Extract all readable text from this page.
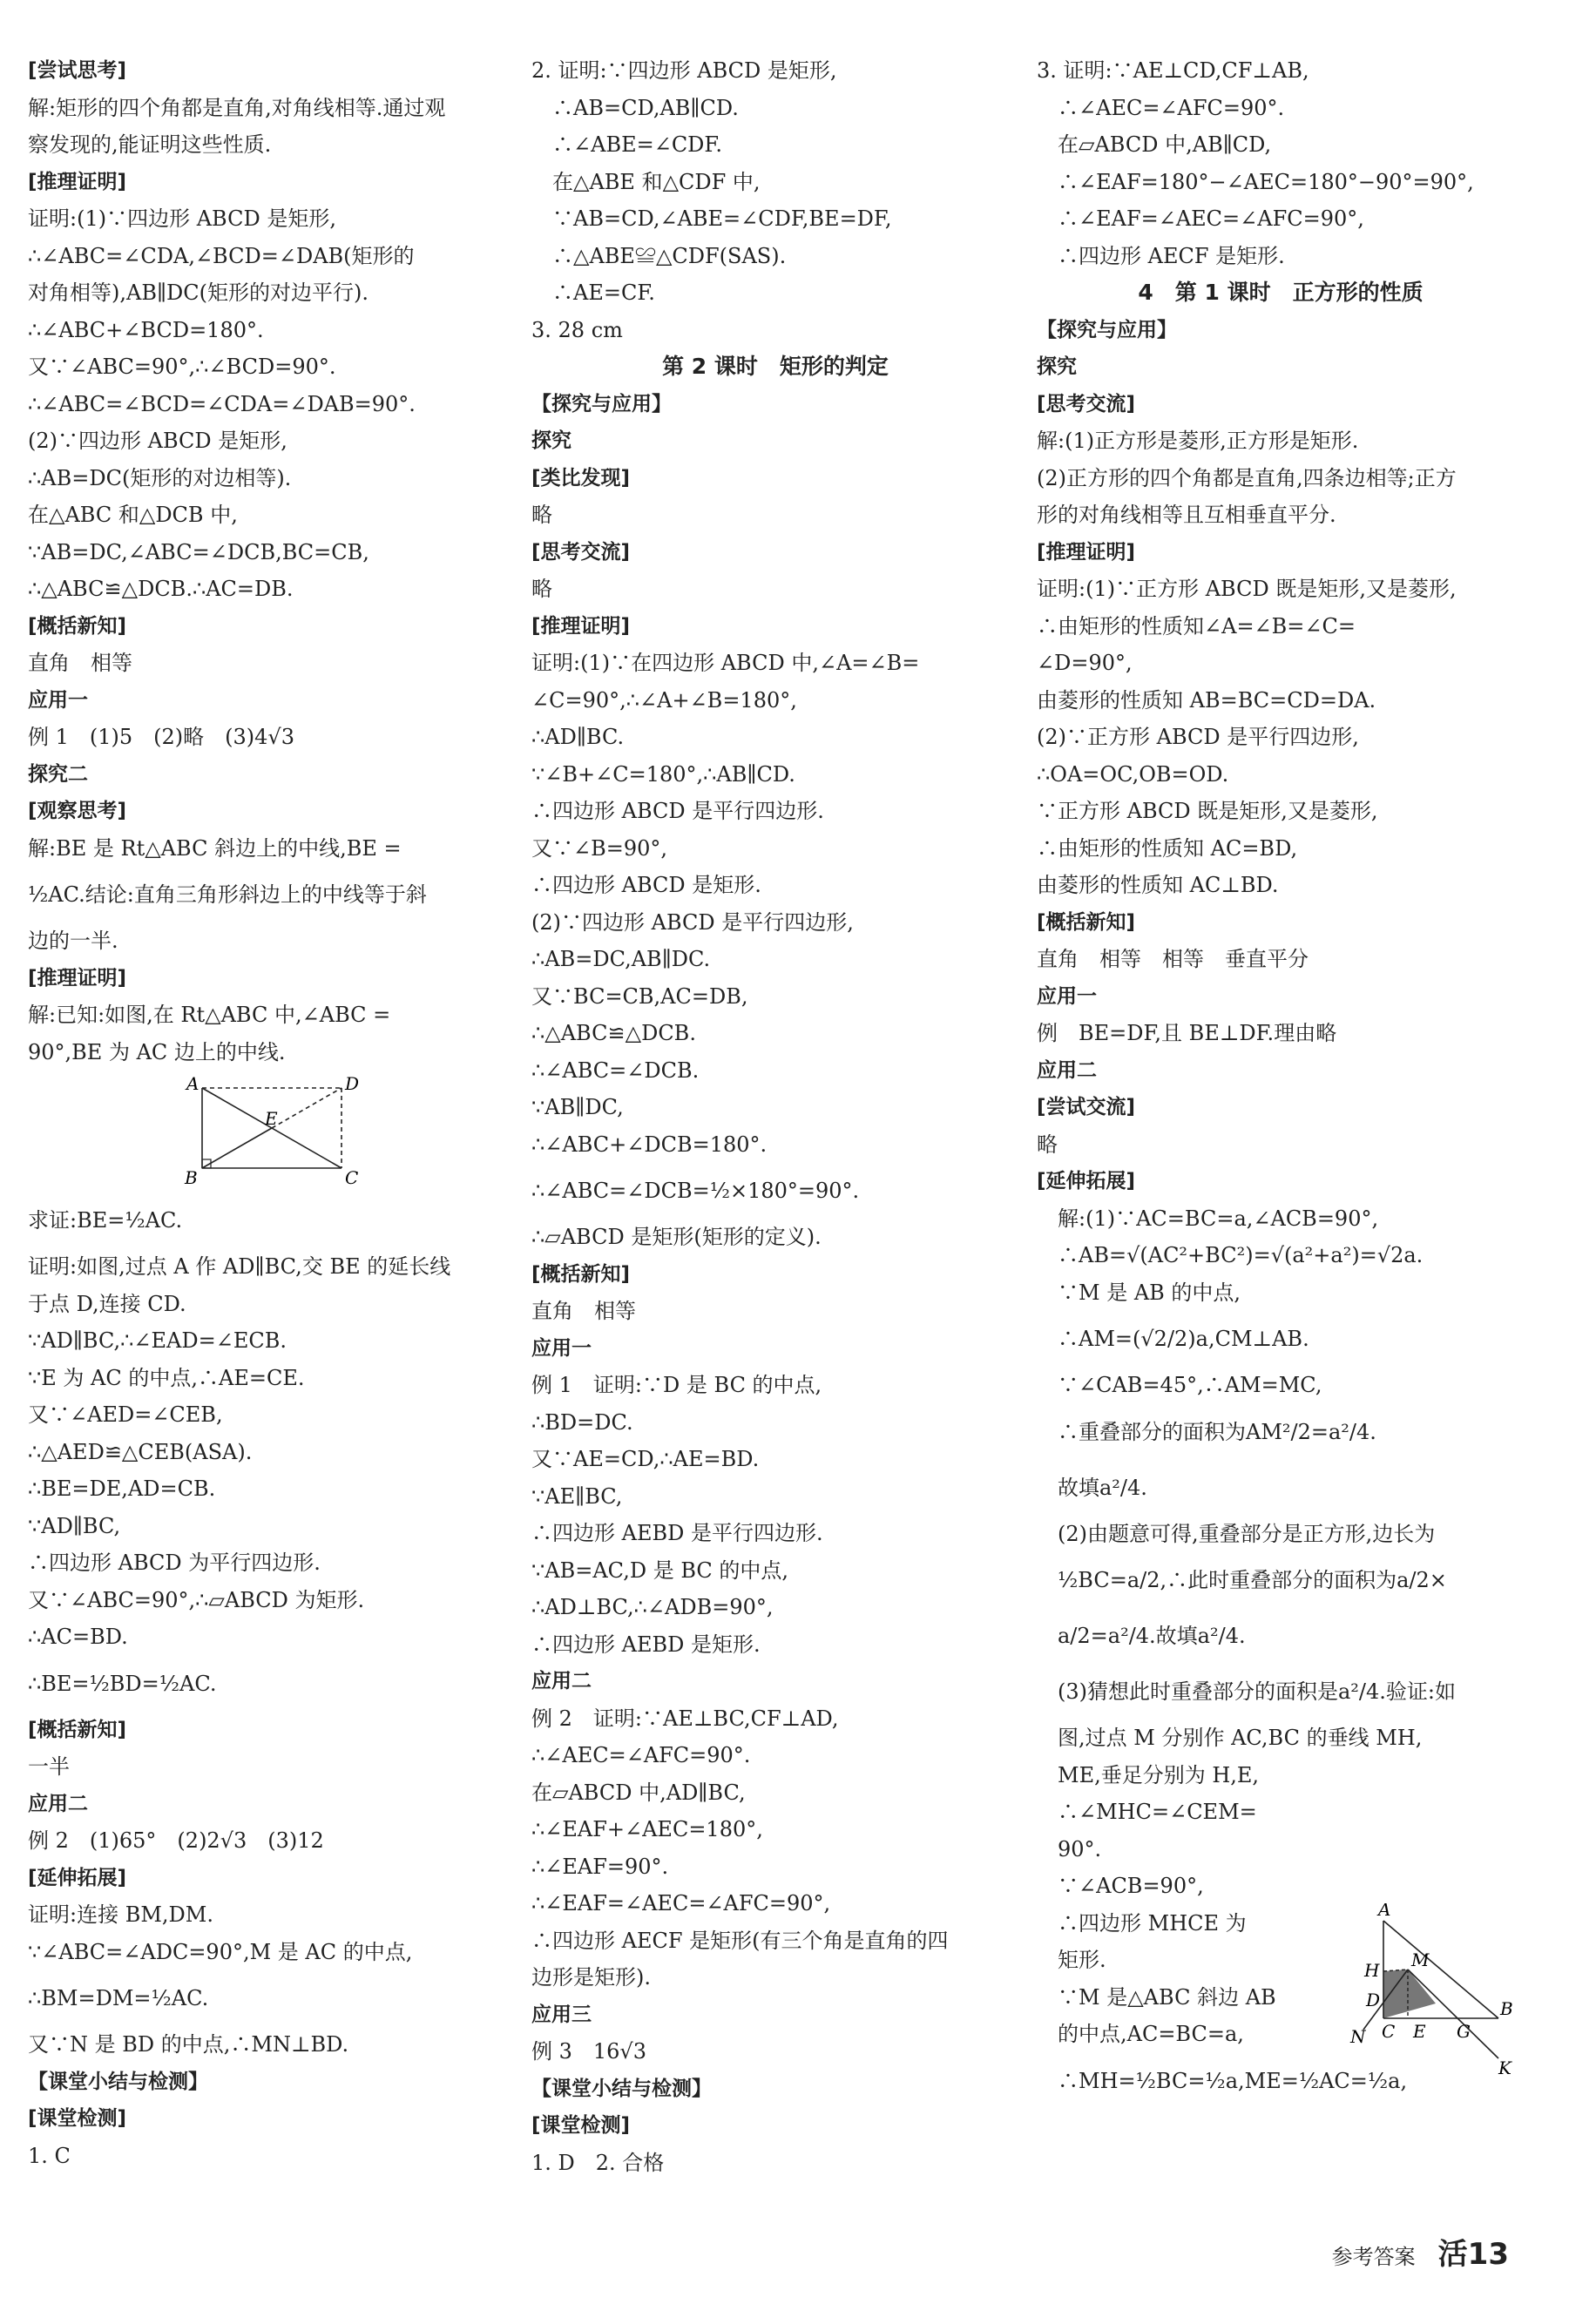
[尝试思考]
解:矩形的四个角都是直角,对角线相等.通过观
察发现的,能证明这些性质.
[推理证明]
证明:(1)∵四边形 ABCD 是矩形,
∴∠ABC=∠CDA,∠BCD=∠DAB(矩形的
对角相等),AB∥DC(矩形的对边平行).
∴∠ABC+∠BCD=180°.
又∵∠ABC=90°,∴∠BCD=90°.
∴∠ABC=∠BCD=∠CDA=∠DAB=90°.
(2)∵四边形 ABCD 是矩形,
∴AB=DC(矩形的对边相等).
在△ABC 和△DCB 中,
∵AB=DC,∠ABC=∠DCB,BC=CB,
∴△ABC≌△DCB.∴AC=DB.
[概括新知]
直角　相等
应用一
例 1　(1)5　(2)略　(3)4√3
探究二
[观察思考]
解:BE 是 Rt△ABC 斜边上的中线,BE =
½AC.结论:直角三角形斜边上的中线等于斜
边的一半.
[推理证明]
解:已知:如图,在 Rt△ABC 中,∠ABC =
90°,BE 为 AC 边上的中线.
A	D
E
B	C
求证:BE=½AC.
证明:如图,过点 A 作 AD∥BC,交 BE 的延长线
于点 D,连接 CD.
∵AD∥BC,∴∠EAD=∠ECB.
∵E 为 AC 的中点,∴AE=CE.
又∵∠AED=∠CEB,
∴△AED≌△CEB(ASA).
∴BE=DE,AD=CB.
∵AD∥BC,
∴四边形 ABCD 为平行四边形.
又∵∠ABC=90°,∴▱ABCD 为矩形.
∴AC=BD.
∴BE=½BD=½AC.
[概括新知]
一半
应用二
例 2　(1)65°　(2)2√3　(3)12
[延伸拓展]
证明:连接 BM,DM.
∵∠ABC=∠ADC=90°,M 是 AC 的中点,
∴BM=DM=½AC.
又∵N 是 BD 的中点,∴MN⊥BD.
【课堂小结与检测】
[课堂检测]
1. C
2. 证明:∵四边形 ABCD 是矩形,
　∴AB=CD,AB∥CD.
　∴∠ABE=∠CDF.
　在△ABE 和△CDF 中,
　∵AB=CD,∠ABE=∠CDF,BE=DF,
　∴△ABE≌△CDF(SAS).
　∴AE=CF.
3. 28 cm
第 2 课时　矩形的判定
【探究与应用】
探究
[类比发现]
略
[思考交流]
略
[推理证明]
证明:(1)∵在四边形 ABCD 中,∠A=∠B=
∠C=90°,∴∠A+∠B=180°,
∴AD∥BC.
∵∠B+∠C=180°,∴AB∥CD.
∴四边形 ABCD 是平行四边形.
又∵∠B=90°,
∴四边形 ABCD 是矩形.
(2)∵四边形 ABCD 是平行四边形,
∴AB=DC,AB∥DC.
又∵BC=CB,AC=DB,
∴△ABC≌△DCB.
∴∠ABC=∠DCB.
∵AB∥DC,
∴∠ABC+∠DCB=180°.
∴∠ABC=∠DCB=½×180°=90°.
∴▱ABCD 是矩形(矩形的定义).
[概括新知]
直角　相等
应用一
例 1　证明:∵D 是 BC 的中点,
∴BD=DC.
又∵AE=CD,∴AE=BD.
∵AE∥BC,
∴四边形 AEBD 是平行四边形.
∵AB=AC,D 是 BC 的中点,
∴AD⊥BC,∴∠ADB=90°,
∴四边形 AEBD 是矩形.
应用二
例 2　证明:∵AE⊥BC,CF⊥AD,
∴∠AEC=∠AFC=90°.
在▱ABCD 中,AD∥BC,
∴∠EAF+∠AEC=180°,
∴∠EAF=90°.
∴∠EAF=∠AEC=∠AFC=90°,
∴四边形 AECF 是矩形(有三个角是直角的四
边形是矩形).
应用三
例 3　16√3
【课堂小结与检测】
[课堂检测]
1. D　2. 合格
3. 证明:∵AE⊥CD,CF⊥AB,
　∴∠AEC=∠AFC=90°.
　在▱ABCD 中,AB∥CD,
　∴∠EAF=180°−∠AEC=180°−90°=90°,
　∴∠EAF=∠AEC=∠AFC=90°,
　∴四边形 AECF 是矩形.
4　第 1 课时　正方形的性质
【探究与应用】
探究
[思考交流]
解:(1)正方形是菱形,正方形是矩形.
(2)正方形的四个角都是直角,四条边相等;正方
形的对角线相等且互相垂直平分.
[推理证明]
证明:(1)∵正方形 ABCD 既是矩形,又是菱形,
∴由矩形的性质知∠A=∠B=∠C=
∠D=90°,
由菱形的性质知 AB=BC=CD=DA.
(2)∵正方形 ABCD 是平行四边形,
∴OA=OC,OB=OD.
∵正方形 ABCD 既是矩形,又是菱形,
∴由矩形的性质知 AC=BD,
由菱形的性质知 AC⊥BD.
[概括新知]
直角　相等　相等　垂直平分
应用一
例　BE=DF,且 BE⊥DF.理由略
应用二
[尝试交流]
略
[延伸拓展]
　解:(1)∵AC=BC=a,∠ACB=90°,
　∴AB=√(AC²+BC²)=√(a²+a²)=√2a.
　∵M 是 AB 的中点,
　∴AM=(√2/2)a,CM⊥AB.
　∵∠CAB=45°,∴AM=MC,
　∴重叠部分的面积为AM²/2=a²/4.
　故填a²/4.
　(2)由题意可得,重叠部分是正方形,边长为
　½BC=a/2,∴此时重叠部分的面积为a/2×
　a/2=a²/4.故填a²/4.
　(3)猜想此时重叠部分的面积是a²/4.验证:如
　图,过点 M 分别作 AC,BC 的垂线 MH,
　ME,垂足分别为 H,E,
　∴∠MHC=∠CEM=
　90°.
　∵∠ACB=90°,
　∴四边形 MHCE 为
　矩形.
　∵M 是△ABC 斜边 AB
　的中点,AC=BC=a,
　∴MH=½BC=½a,ME=½AC=½a,
A
H M
D	B
N C E G
K
参考答案 活13
